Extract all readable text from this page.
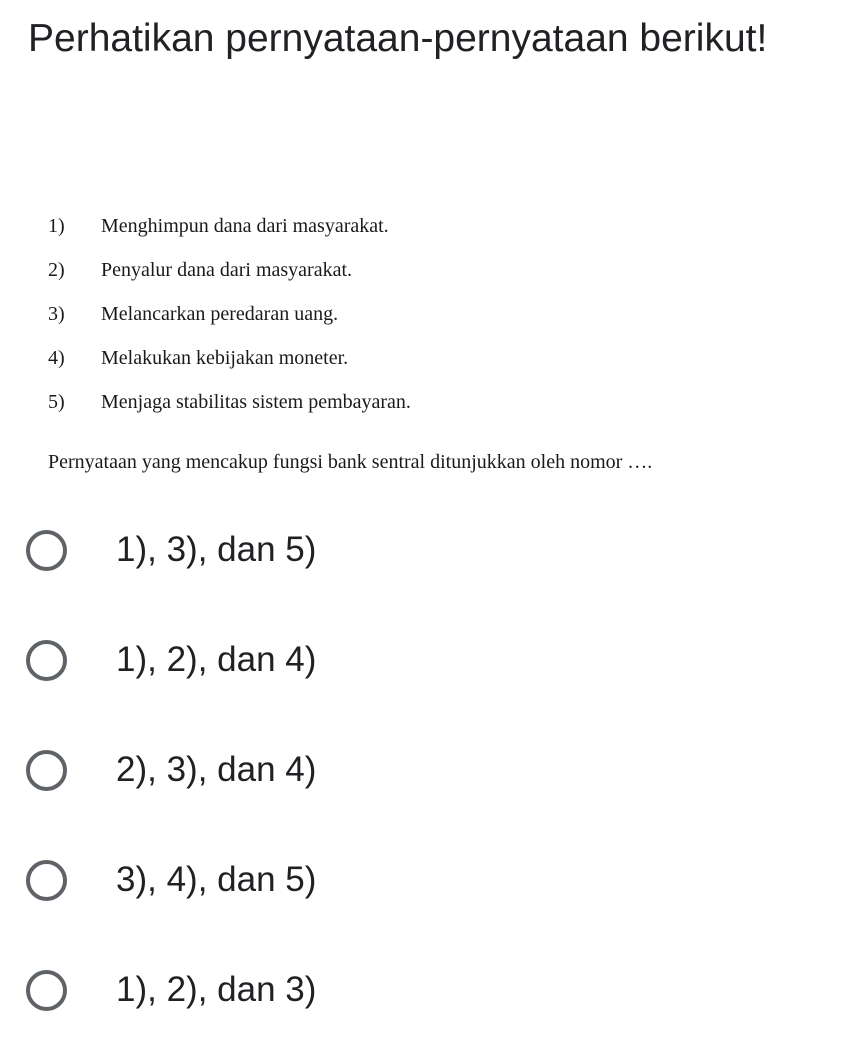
Perhatikan pernyataan-pernyataan berikut!
1)	Menghimpun dana dari masyarakat.
2)	Penyalur dana dari masyarakat.
3)	Melancarkan peredaran uang.
4)	Melakukan kebijakan moneter.
5)	Menjaga stabilitas sistem pembayaran.

Pernyataan yang mencakup fungsi bank sentral ditunjukkan oleh nomor ….

1), 3), dan 5)
1), 2), dan 4)
2), 3), dan 4)
3), 4), dan 5)
1), 2), dan 3)
